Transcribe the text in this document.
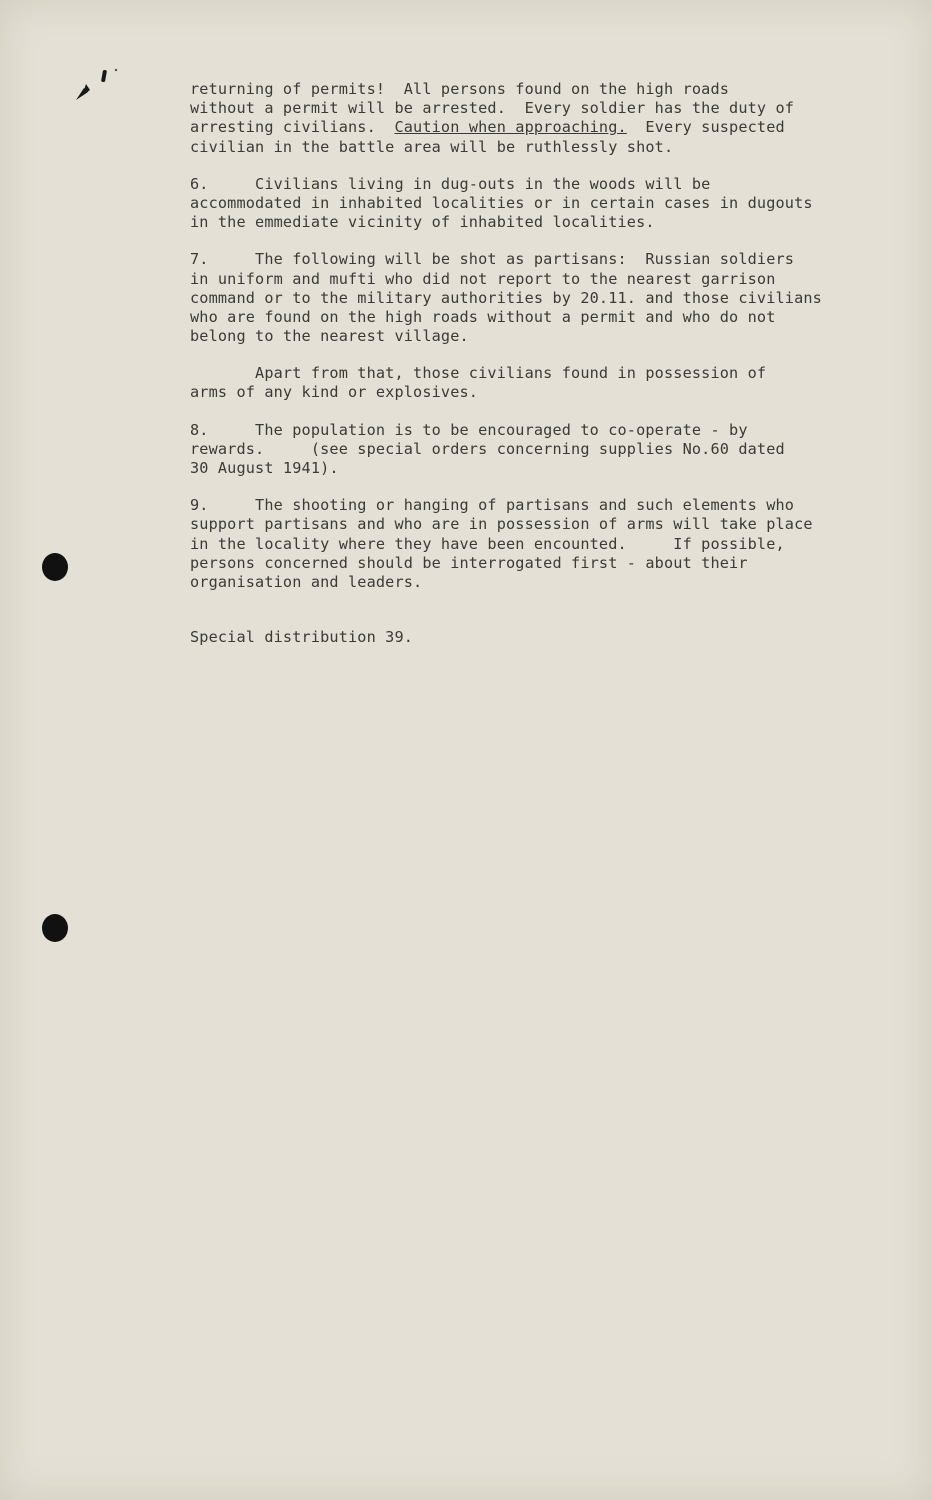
returning of permits!  All persons found on the high roads
without a permit will be arrested.  Every soldier has the duty of
arresting civilians.  Caution when approaching.  Every suspected
civilian in the battle area will be ruthlessly shot.
6.     Civilians living in dug-outs in the woods will be
accommodated in inhabited localities or in certain cases in dugouts
in the emmediate vicinity of inhabited localities.
7.     The following will be shot as partisans:  Russian soldiers
in uniform and mufti who did not report to the nearest garrison
command or to the military authorities by 20.11. and those civilians
who are found on the high roads without a permit and who do not
belong to the nearest village.
Apart from that, those civilians found in possession of
arms of any kind or explosives.
8.     The population is to be encouraged to co-operate - by
rewards.     (see special orders concerning supplies No.60 dated
30 August 1941).
9.     The shooting or hanging of partisans and such elements who
support partisans and who are in possession of arms will take place
in the locality where they have been encounted.     If possible,
persons concerned should be interrogated first - about their
organisation and leaders.
Special distribution 39.
